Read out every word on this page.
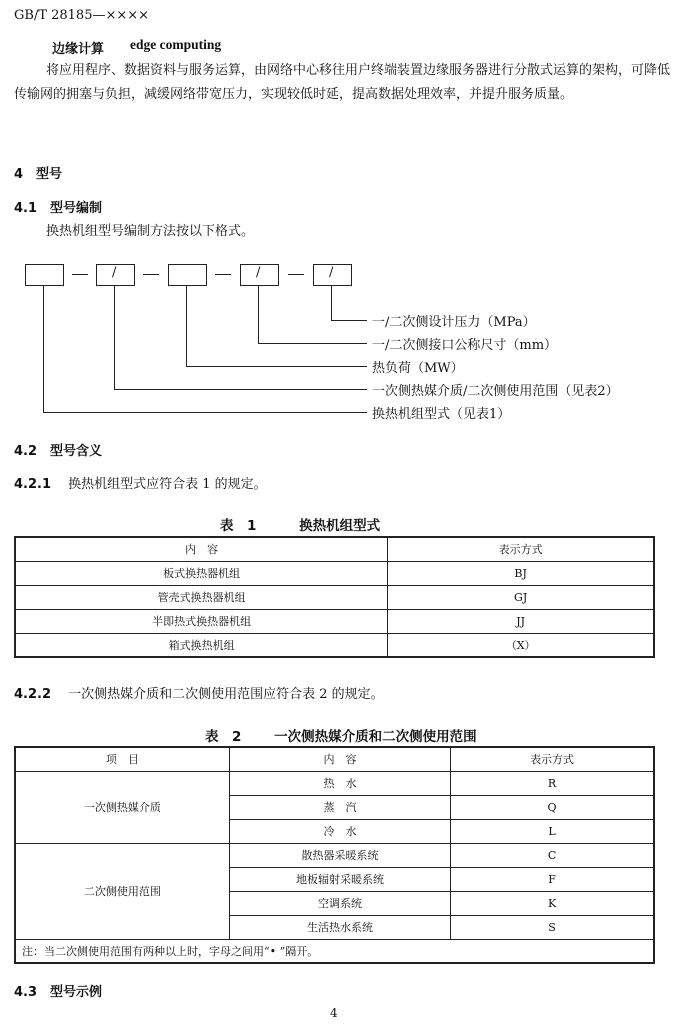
GB/T 28185—××××
边缘计算 edge computing
将应用程序、数据资料与服务运算，由网络中心移往用户终端装置边缘服务器进行分散式运算的架构，可降低传输网的拥塞与负担，减缓网络带宽压力，实现较低时延，提高数据处理效率，并提升服务质量。
4　型号
4.1　型号编制
换热机组型号编制方法按以下格式。
/	/	/
一/二次侧设计压力（MPa）
一/二次侧接口公称尺寸（mm）
热负荷（MW）
一次侧热媒介质/二次侧使用范围（见表2）
换热机组型式（见表1）
4.2　型号含义
4.2.1 换热机组型式应符合表 1 的规定。
表　1	换热机组型式
内　容	表示方式
板式换热器机组	BJ
管壳式换热器机组	GJ
半即热式换热器机组	JJ
箱式换热机组	（X）
4.2.2 一次侧热媒介质和二次侧使用范围应符合表 2 的规定。
表　2 一次侧热媒介质和二次侧使用范围
项　目	内　容	表示方式
一次侧热媒介质	热　水	R
	蒸　汽	Q
	冷　水	L
二次侧使用范围	散热器采暖系统	C
	地板辐射采暖系统	F
	空调系统	K
	生活热水系统	S
注：当二次侧使用范围有两种以上时，字母之间用“• ”隔开。		
4.3　型号示例
4
